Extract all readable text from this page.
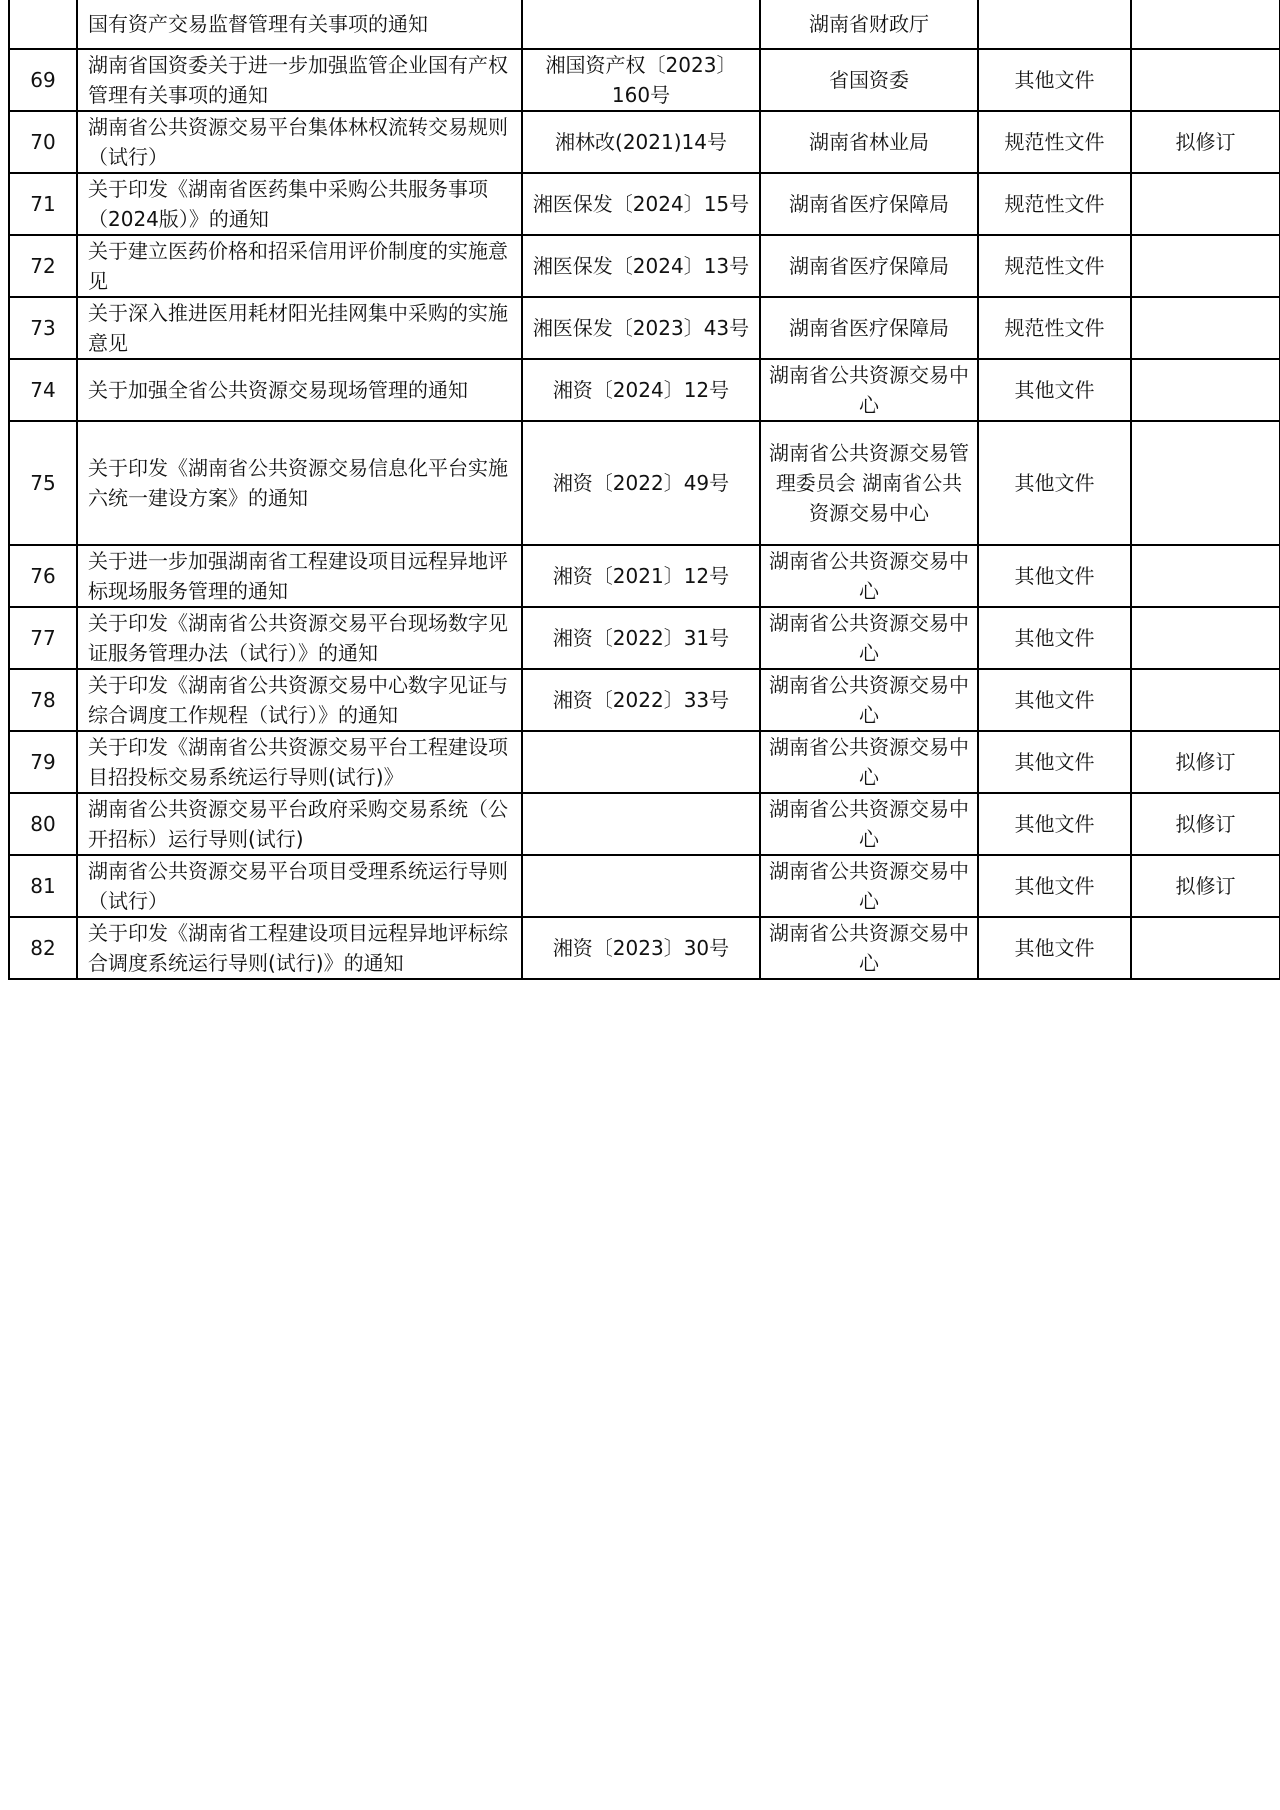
	国有资产交易监督管理有关事项的通知		湖南省财政厅		
69	湖南省国资委关于进一步加强监管企业国有产权管理有关事项的通知	湘国资产权〔2023〕160号	省国资委	其他文件	
70	湖南省公共资源交易平台集体林权流转交易规则（试行）	湘林改(2021)14号	湖南省林业局	规范性文件	拟修订
71	关于印发《湖南省医药集中采购公共服务事项（2024版）》的通知	湘医保发〔2024〕15号	湖南省医疗保障局	规范性文件	
72	关于建立医药价格和招采信用评价制度的实施意见	湘医保发〔2024〕13号	湖南省医疗保障局	规范性文件	
73	关于深入推进医用耗材阳光挂网集中采购的实施意见	湘医保发〔2023〕43号	湖南省医疗保障局	规范性文件	
74	关于加强全省公共资源交易现场管理的通知	湘资〔2024〕12号	湖南省公共资源交易中心	其他文件	
75	关于印发《湖南省公共资源交易信息化平台实施六统一建设方案》的通知	湘资〔2022〕49号	湖南省公共资源交易管理委员会 湖南省公共资源交易中心	其他文件	
76	关于进一步加强湖南省工程建设项目远程异地评标现场服务管理的通知	湘资〔2021〕12号	湖南省公共资源交易中心	其他文件	
77	关于印发《湖南省公共资源交易平台现场数字见证服务管理办法（试行）》的通知	湘资〔2022〕31号	湖南省公共资源交易中心	其他文件	
78	关于印发《湖南省公共资源交易中心数字见证与综合调度工作规程（试行）》的通知	湘资〔2022〕33号	湖南省公共资源交易中心	其他文件	
79	关于印发《湖南省公共资源交易平台工程建设项目招投标交易系统运行导则(试行)》		湖南省公共资源交易中心	其他文件	拟修订
80	湖南省公共资源交易平台政府采购交易系统（公开招标）运行导则(试行)		湖南省公共资源交易中心	其他文件	拟修订
81	湖南省公共资源交易平台项目受理系统运行导则（试行）		湖南省公共资源交易中心	其他文件	拟修订
82	关于印发《湖南省工程建设项目远程异地评标综合调度系统运行导则(试行)》的通知	湘资〔2023〕30号	湖南省公共资源交易中心	其他文件	
